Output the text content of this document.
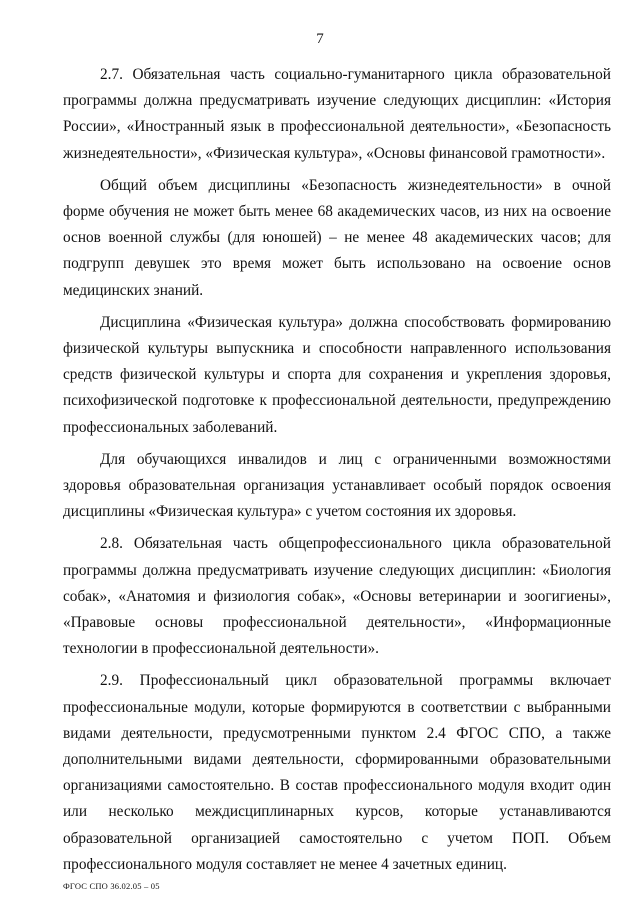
7

2.7. Обязательная часть социально-гуманитарного цикла образовательной программы должна предусматривать изучение следующих дисциплин: «История России», «Иностранный язык в профессиональной деятельности», «Безопасность жизнедеятельности», «Физическая культура», «Основы финансовой грамотности».

Общий объем дисциплины «Безопасность жизнедеятельности» в очной форме обучения не может быть менее 68 академических часов, из них на освоение основ военной службы (для юношей) – не менее 48 академических часов; для подгрупп девушек это время может быть использовано на освоение основ медицинских знаний.

Дисциплина «Физическая культура» должна способствовать формированию физической культуры выпускника и способности направленного использования средств физической культуры и спорта для сохранения и укрепления здоровья, психофизической подготовке к профессиональной деятельности, предупреждению профессиональных заболеваний.

Для обучающихся инвалидов и лиц с ограниченными возможностями здоровья образовательная организация устанавливает особый порядок освоения дисциплины «Физическая культура» с учетом состояния их здоровья.

2.8. Обязательная часть общепрофессионального цикла образовательной программы должна предусматривать изучение следующих дисциплин: «Биология собак», «Анатомия и физиология собак», «Основы ветеринарии и зоогигиены», «Правовые основы профессиональной деятельности», «Информационные технологии в профессиональной деятельности».

2.9. Профессиональный цикл образовательной программы включает профессиональные модули, которые формируются в соответствии с выбранными видами деятельности, предусмотренными пунктом 2.4 ФГОС СПО, а также дополнительными видами деятельности, сформированными образовательными организациями самостоятельно. В состав профессионального модуля входит один или несколько междисциплинарных курсов, которые устанавливаются образовательной организацией самостоятельно с учетом ПОП. Объем профессионального модуля составляет не менее 4 зачетных единиц.

ФГОС СПО 36.02.05 – 05
